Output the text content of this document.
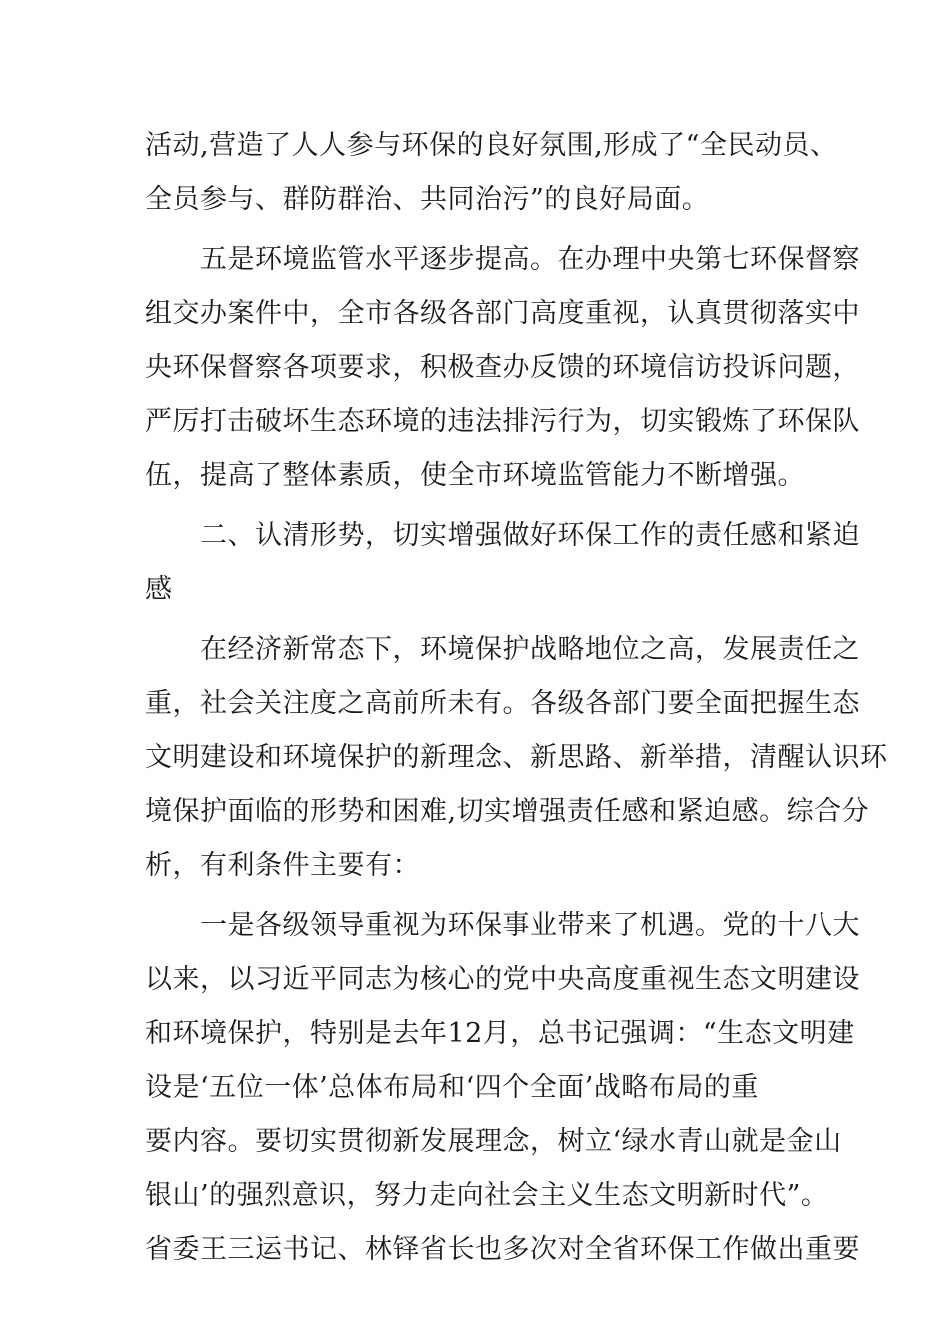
活动,营造了人人参与环保的良好氛围,形成了“全民动员、
全员参与、群防群治、共同治污”的良好局面。
五是环境监管水平逐步提高。在办理中央第七环保督察
组交办案件中，全市各级各部门高度重视，认真贯彻落实中
央环保督察各项要求，积极查办反馈的环境信访投诉问题，
严厉打击破坏生态环境的违法排污行为，切实锻炼了环保队
伍，提高了整体素质，使全市环境监管能力不断增强。
二、认清形势，切实增强做好环保工作的责任感和紧迫
感
在经济新常态下，环境保护战略地位之高，发展责任之
重，社会关注度之高前所未有。各级各部门要全面把握生态
文明建设和环境保护的新理念、新思路、新举措，清醒认识环
境保护面临的形势和困难,切实增强责任感和紧迫感。综合分
析，有利条件主要有：
一是各级领导重视为环保事业带来了机遇。党的十八大
以来，以习近平同志为核心的党中央高度重视生态文明建设
和环境保护，特别是去年12月，总书记强调：“生态文明建
设是‘五位一体’总体布局和‘四个全面’战略布局的重
要内容。要切实贯彻新发展理念，树立‘绿水青山就是金山
银山’的强烈意识，努力走向社会主义生态文明新时代”。
省委王三运书记、林铎省长也多次对全省环保工作做出重要
